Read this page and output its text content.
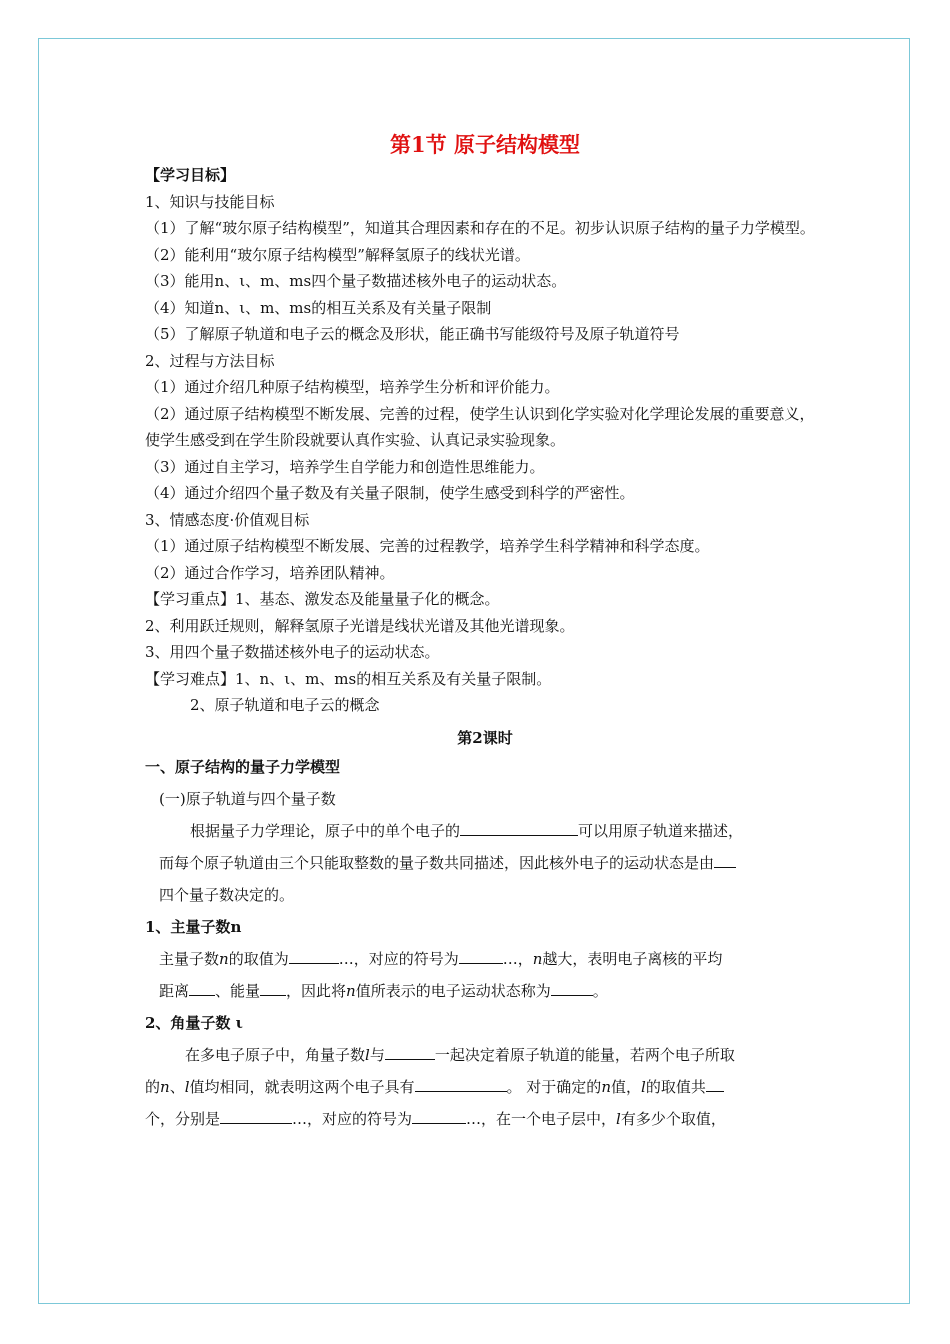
第1节 原子结构模型
【学习目标】
1、知识与技能目标
（1）了解“玻尔原子结构模型”，知道其合理因素和存在的不足。初步认识原子结构的量子力学模型。
（2）能利用“玻尔原子结构模型”解释氢原子的线状光谱。
（3）能用n、ι、m、ms四个量子数描述核外电子的运动状态。
（4）知道n、ι、m、ms的相互关系及有关量子限制
（5）了解原子轨道和电子云的概念及形状，能正确书写能级符号及原子轨道符号
2、过程与方法目标
（1）通过介绍几种原子结构模型，培养学生分析和评价能力。
（2）通过原子结构模型不断发展、完善的过程，使学生认识到化学实验对化学理论发展的重要意义，使学生感受到在学生阶段就要认真作实验、认真记录实验现象。
（3）通过自主学习，培养学生自学能力和创造性思维能力。
（4）通过介绍四个量子数及有关量子限制，使学生感受到科学的严密性。
3、情感态度·价值观目标
（1）通过原子结构模型不断发展、完善的过程教学，培养学生科学精神和科学态度。
（2）通过合作学习，培养团队精神。
【学习重点】1、基态、激发态及能量量子化的概念。
2、利用跃迁规则，解释氢原子光谱是线状光谱及其他光谱现象。
3、用四个量子数描述核外电子的运动状态。
【学习难点】1、n、ι、m、ms的相互关系及有关量子限制。
2、原子轨道和电子云的概念
第2课时
一、原子结构的量子力学模型
(一)原子轨道与四个量子数
根据量子力学理论，原子中的单个电子的	可以用原子轨道来描述，
而每个原子轨道由三个只能取整数的量子数共同描述，因此核外电子的运动状态是由
四个量子数决定的。
1、主量子数n
主量子数n的取值为	…，对应的符号为	…，n越大，表明电子离核的平均
距离 、能量 ，因此将n值所表示的电子运动状态称为	。
2、角量子数 ι
在多电子原子中，角量子数l与	一起决定着原子轨道的能量，若两个电子所取
的n、l值均相同，就表明这两个电子具有	。 对于确定的n值，l的取值共
个，分别是	…，对应的符号为	…，在一个电子层中，l有多少个取值，
